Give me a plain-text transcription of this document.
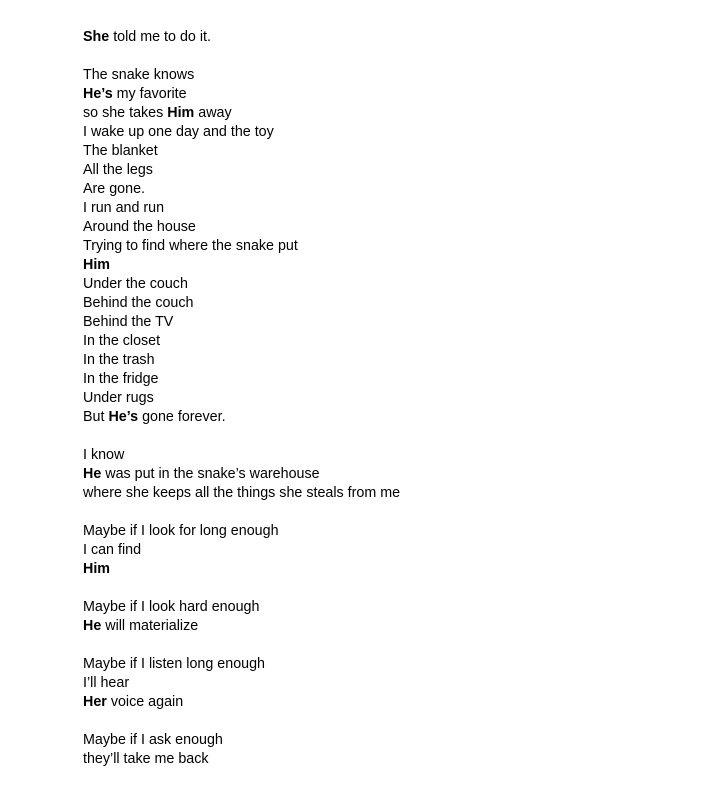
She told me to do it.
The snake knows
He’s my favorite
so she takes Him away
I wake up one day and the toy
The blanket
All the legs
Are gone.
I run and run
Around the house
Trying to find where the snake put
Him
Under the couch
Behind the couch
Behind the TV
In the closet
In the trash
In the fridge
Under rugs
But He’s gone forever.
I know
He was put in the snake’s warehouse
where she keeps all the things she steals from me
Maybe if I look for long enough
I can find
Him
Maybe if I look hard enough
He will materialize
Maybe if I listen long enough
I’ll hear
Her voice again
Maybe if I ask enough
they’ll take me back
